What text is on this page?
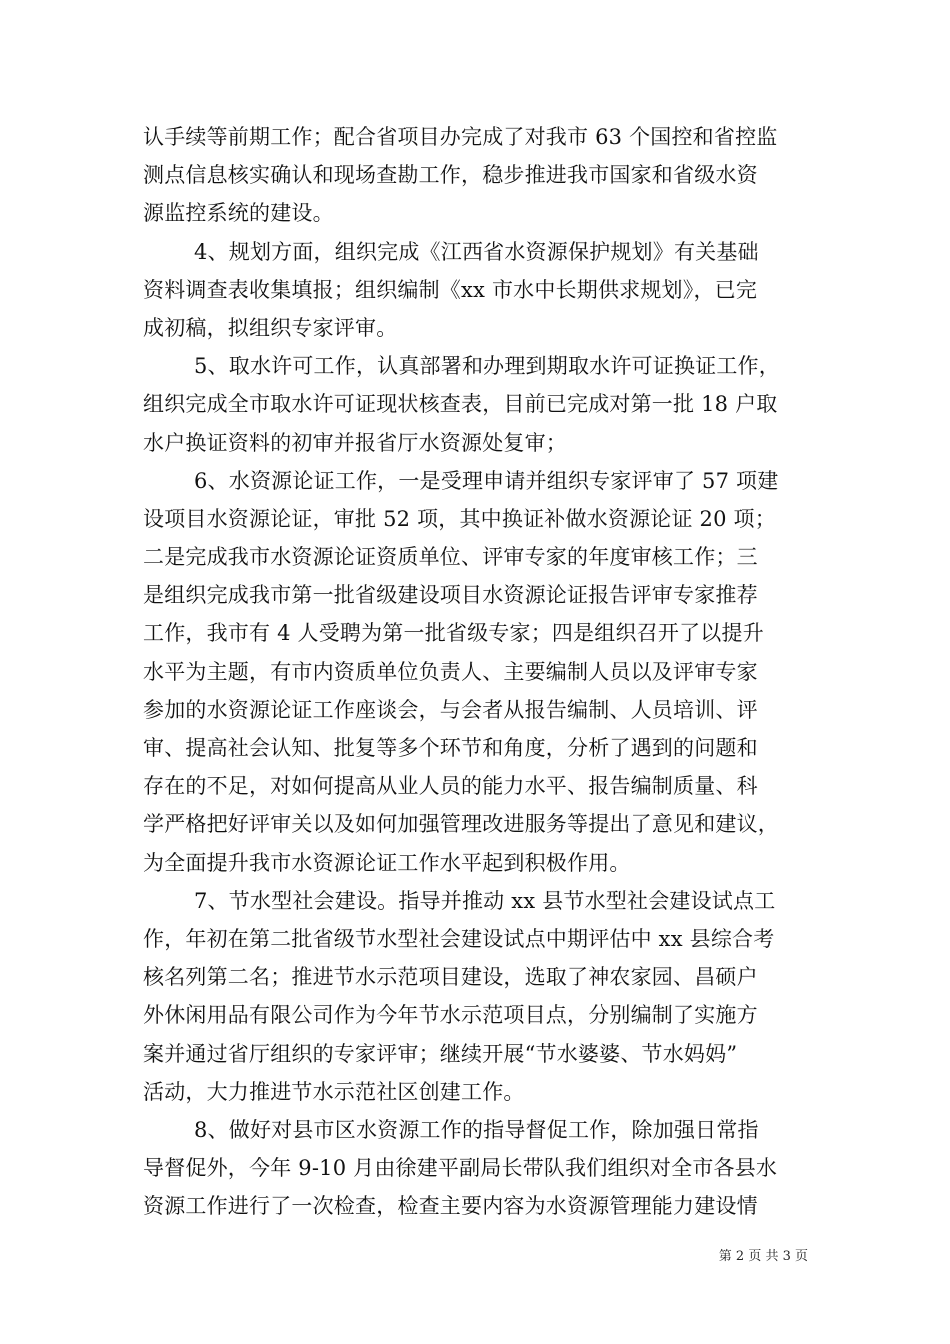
认手续等前期工作；配合省项目办完成了对我市 63 个国控和省控监
测点信息核实确认和现场查勘工作，稳步推进我市国家和省级水资
源监控系统的建设。
4、规划方面，组织完成《江西省水资源保护规划》有关基础
资料调查表收集填报；组织编制《xx 市水中长期供求规划》，已完
成初稿，拟组织专家评审。
5、取水许可工作，认真部署和办理到期取水许可证换证工作，
组织完成全市取水许可证现状核查表，目前已完成对第一批 18 户取
水户换证资料的初审并报省厅水资源处复审；
6、水资源论证工作，一是受理申请并组织专家评审了 57 项建
设项目水资源论证，审批 52 项，其中换证补做水资源论证 20 项；
二是完成我市水资源论证资质单位、评审专家的年度审核工作；三
是组织完成我市第一批省级建设项目水资源论证报告评审专家推荐
工作，我市有 4 人受聘为第一批省级专家；四是组织召开了以提升
水平为主题，有市内资质单位负责人、主要编制人员以及评审专家
参加的水资源论证工作座谈会，与会者从报告编制、人员培训、评
审、提高社会认知、批复等多个环节和角度，分析了遇到的问题和
存在的不足，对如何提高从业人员的能力水平、报告编制质量、科
学严格把好评审关以及如何加强管理改进服务等提出了意见和建议，
为全面提升我市水资源论证工作水平起到积极作用。
7、节水型社会建设。指导并推动 xx 县节水型社会建设试点工
作，年初在第二批省级节水型社会建设试点中期评估中 xx 县综合考
核名列第二名；推进节水示范项目建设，选取了神农家园、昌硕户
外休闲用品有限公司作为今年节水示范项目点，分别编制了实施方
案并通过省厅组织的专家评审；继续开展“节水婆婆、节水妈妈”
活动，大力推进节水示范社区创建工作。
8、做好对县市区水资源工作的指导督促工作，除加强日常指
导督促外，今年 9-10 月由徐建平副局长带队我们组织对全市各县水
资源工作进行了一次检查，检查主要内容为水资源管理能力建设情
第 2 页 共 3 页
